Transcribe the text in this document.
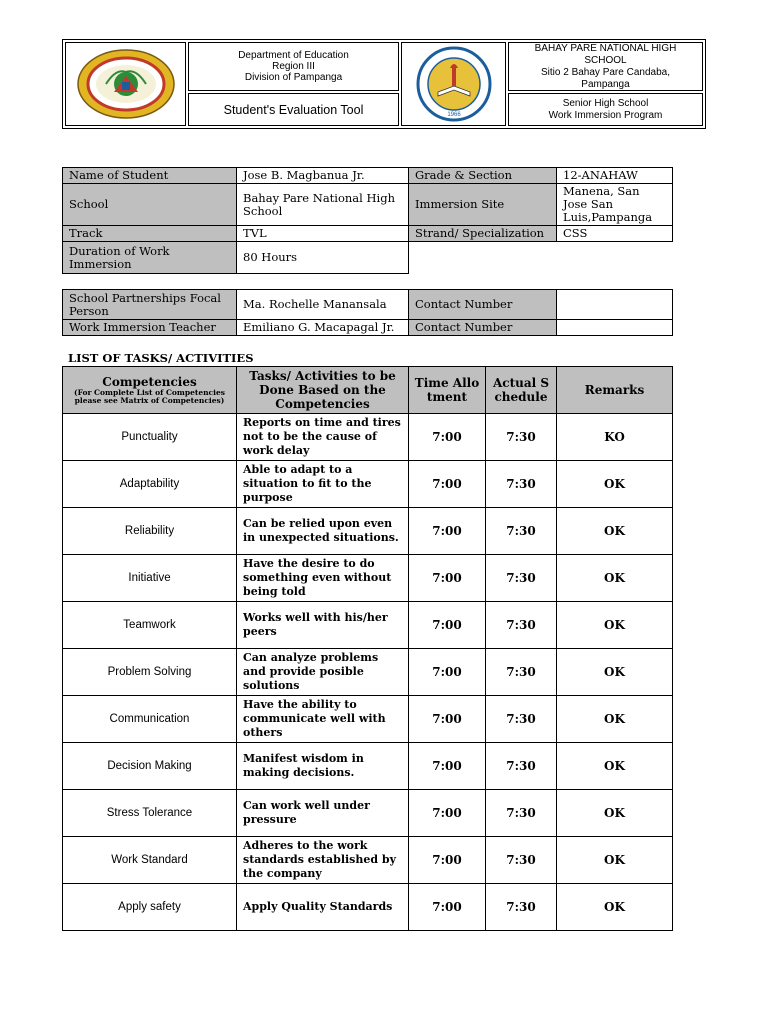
Department of Education
Region III
Division of Pampanga
Student's Evaluation Tool	1966
BAHAY PARE NATIONAL HIGH
SCHOOL
Sitio 2 Bahay Pare Candaba,
Pampanga
Senior High School
Work Immersion Program
Name of Student	Jose B. Magbanua Jr.	Grade & Section	12-ANAHAW
School	Bahay Pare National High School	Immersion Site	Manena, San Jose San Luis,Pampanga
Track	TVL	Strand/ Specialization	CSS
Duration of Work Immersion	80 Hours		
School Partnerships Focal Person	Ma. Rochelle Manansala	Contact Number	
Work Immersion Teacher	Emiliano G. Macapagal Jr.	Contact Number	
LIST OF TASKS/ ACTIVITIES
Competencies
(For Complete List of Competencies please see Matrix of Competencies)	Tasks/ Activities to be Done Based on the Competencies	Time Allotment	Actual Schedule	Remarks
Punctuality	Reports on time and tires not to be the cause of work delay	7:00	7:30	KO
Adaptability	Able to adapt to a situation to fit to the purpose	7:00	7:30	OK
Reliability	Can be relied upon even in unexpected situations.	7:00	7:30	OK
Initiative	Have the desire to do something even without being told	7:00	7:30	OK
Teamwork	Works well with his/her peers	7:00	7:30	OK
Problem Solving	Can analyze problems and provide posible solutions	7:00	7:30	OK
Communication	Have the ability to communicate well with others	7:00	7:30	OK
Decision Making	Manifest wisdom in making decisions.	7:00	7:30	OK
Stress Tolerance	Can work well under pressure	7:00	7:30	OK
Work Standard	Adheres to the work standards established by the company	7:00	7:30	OK
Apply safety	Apply Quality Standards	7:00	7:30	OK
